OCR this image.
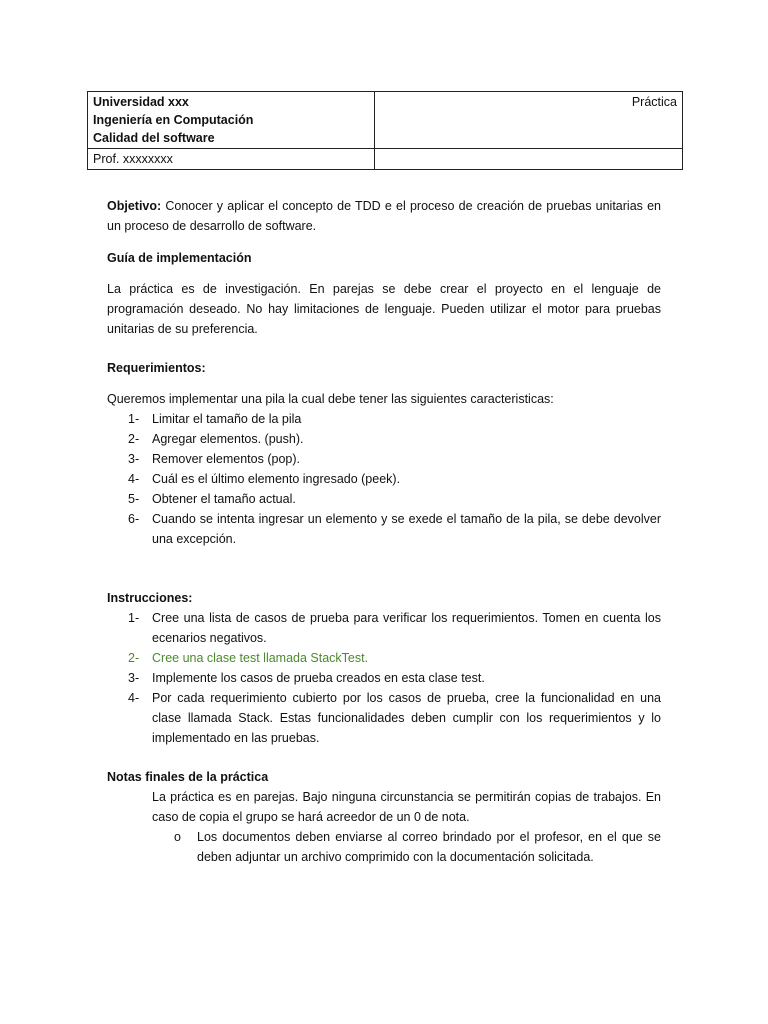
Universidad xxx
Ingeniería en Computación
Calidad del software	Práctica
Prof. xxxxxxxx	

Objetivo: Conocer y aplicar el concepto de TDD e el proceso de creación de pruebas unitarias en un proceso de desarrollo de software.

Guía de implementación

La práctica es de investigación. En parejas se debe crear el proyecto en el lenguaje de programación deseado. No hay limitaciones de lenguaje. Pueden utilizar el motor para pruebas unitarias de su preferencia.

Requerimientos:

Queremos implementar una pila la cual debe tener las siguientes caracteristicas:

1- Limitar el tamaño de la pila
2- Agregar elementos. (push).
3- Remover elementos (pop).
4- Cuál es el último elemento ingresado (peek).
5- Obtener el tamaño actual.
6- Cuando se intenta ingresar un elemento y se exede el tamaño de la pila, se debe devolver una excepción.

Instrucciones:

1- Cree una lista de casos de prueba para verificar los requerimientos. Tomen en cuenta los ecenarios negativos.
2- Cree una clase test llamada StackTest.
3- Implemente los casos de prueba creados en esta clase test.
4- Por cada requerimiento cubierto por los casos de prueba, cree la funcionalidad en una clase llamada Stack. Estas funcionalidades deben cumplir con los requerimientos y lo implementado en las pruebas.

Notas finales de la práctica

La práctica es en parejas. Bajo ninguna circunstancia se permitirán copias de trabajos. En caso de copia el grupo se hará acreedor de un 0 de nota.

o Los documentos deben enviarse al correo brindado por el profesor, en el que se deben adjuntar un archivo comprimido con la documentación solicitada.
